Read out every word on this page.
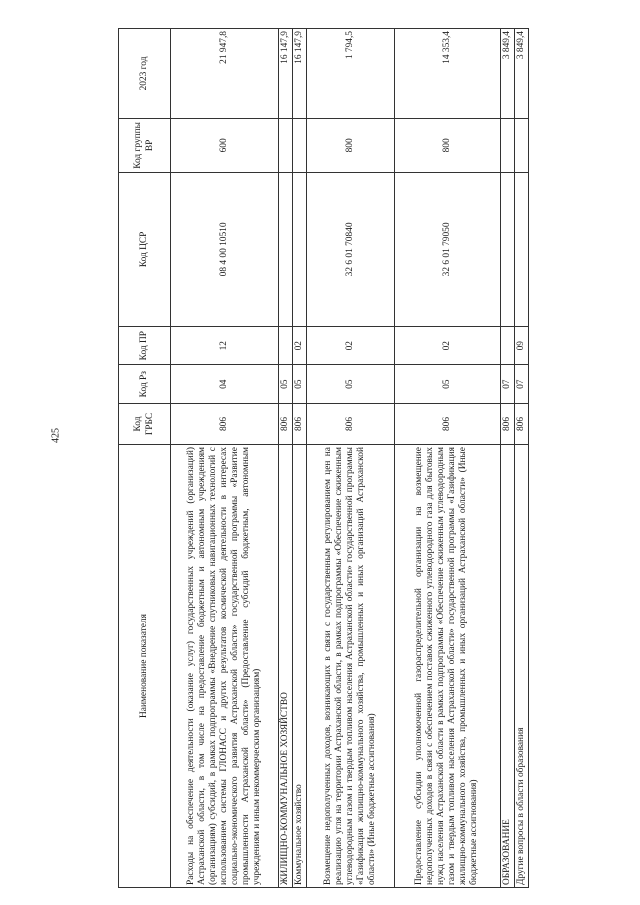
425
Наименование показателя	Код ГРБС	Код Рз	Код ПР	Код ЦСР	Код группы ВР	2023 год
Расходы на обеспечение деятельности (оказание услуг) государственных учреждений (организаций) Астраханской области, в том числе на предоставление бюджетным и автономным учреждениям (организациям) субсидий, в рамках подпрограммы «Внедрение спутниковых навигационных технологий с использованием системы ГЛОНАСС и других результатов космической деятельности в интересах социально-экономического развития Астраханской области» государственной программы «Развитие промышленности Астраханской области» (Предоставление субсидий бюджетным, автономным учреждениям и иным некоммерческим организациям)	806	04	12	08 4 00 10510	600	21 947,8
ЖИЛИЩНО-КОММУНАЛЬНОЕ ХОЗЯЙСТВО	806	05				16 147,9
Коммунальное хозяйство	806	05	02			16 147,9
Возмещение недополученных доходов, возникающих в связи с государственным регулированием цен на реализацию угля на территории Астраханской области, в рамках подпрограммы «Обеспечение сжиженным углеводородным газом и твердым топливом населения Астраханской области» государственной программы «Газификация жилищно-коммунального хозяйства, промышленных и иных организаций Астраханской области» (Иные бюджетные ассигнования)	806	05	02	32 6 01 70840	800	1 794,5
Предоставление субсидии уполномоченной газораспределительной организации на возмещение недополученных доходов в связи с обеспечением поставок сжиженного углеводородного газа для бытовых нужд населения Астраханской области в рамках подпрограммы «Обеспечение сжиженным углеводородным газом и твердым топливом населения Астраханской области» государственной программы «Газификация жилищно-коммунального хозяйства, промышленных и иных организаций Астраханской области» (Иные бюджетные ассигнования)	806	05	02	32 6 01 79050	800	14 353,4
ОБРАЗОВАНИЕ	806	07				3 849,4
Другие вопросы в области образования	806	07	09			3 849,4
